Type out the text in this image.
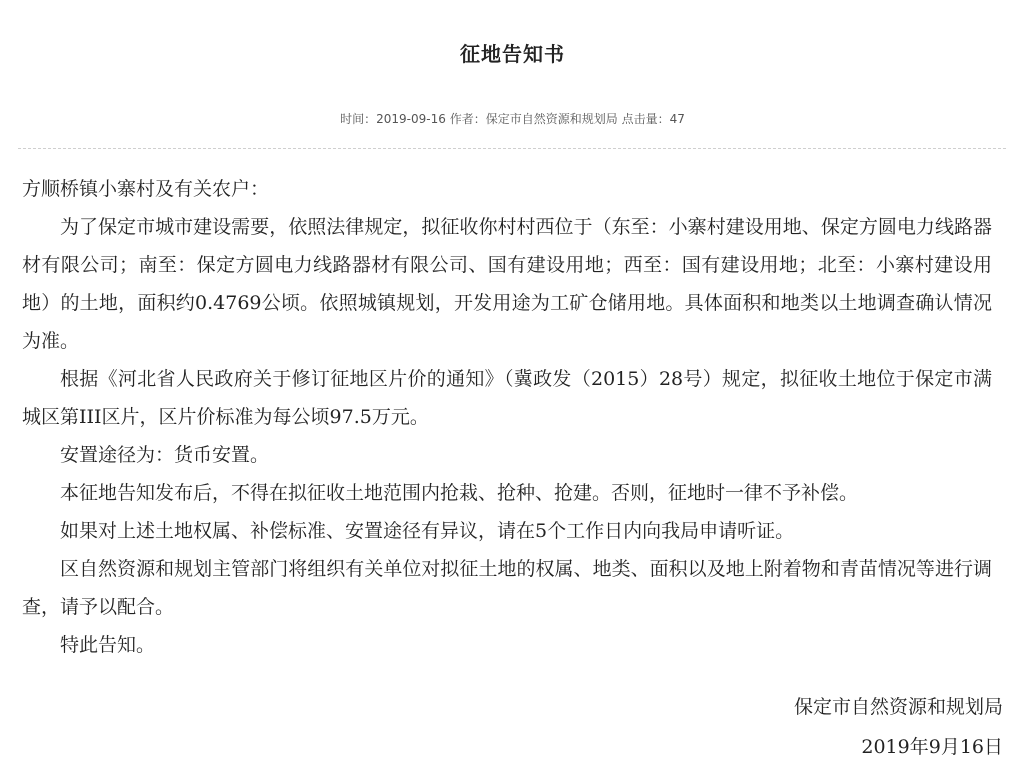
征地告知书
时间：2019-09-16 作者：保定市自然资源和规划局 点击量：47

方顺桥镇小寨村及有关农户：

为了保定市城市建设需要，依照法律规定，拟征收你村村西位于（东至：小寨村建设用地、保定方圆电力线路器材有限公司；南至：保定方圆电力线路器材有限公司、国有建设用地；西至：国有建设用地；北至：小寨村建设用地）的土地，面积约0.4769公顷。依照城镇规划，开发用途为工矿仓储用地。具体面积和地类以土地调查确认情况为准。

根据《河北省人民政府关于修订征地区片价的通知》（冀政发（2015）28号）规定，拟征收土地位于保定市满城区第III区片，区片价标准为每公顷97.5万元。

安置途径为：货币安置。

本征地告知发布后，不得在拟征收土地范围内抢栽、抢种、抢建。否则，征地时一律不予补偿。

如果对上述土地权属、补偿标准、安置途径有异议，请在5个工作日内向我局申请听证。

区自然资源和规划主管部门将组织有关单位对拟征土地的权属、地类、面积以及地上附着物和青苗情况等进行调查，请予以配合。

特此告知。

保定市自然资源和规划局
2019年9月16日
